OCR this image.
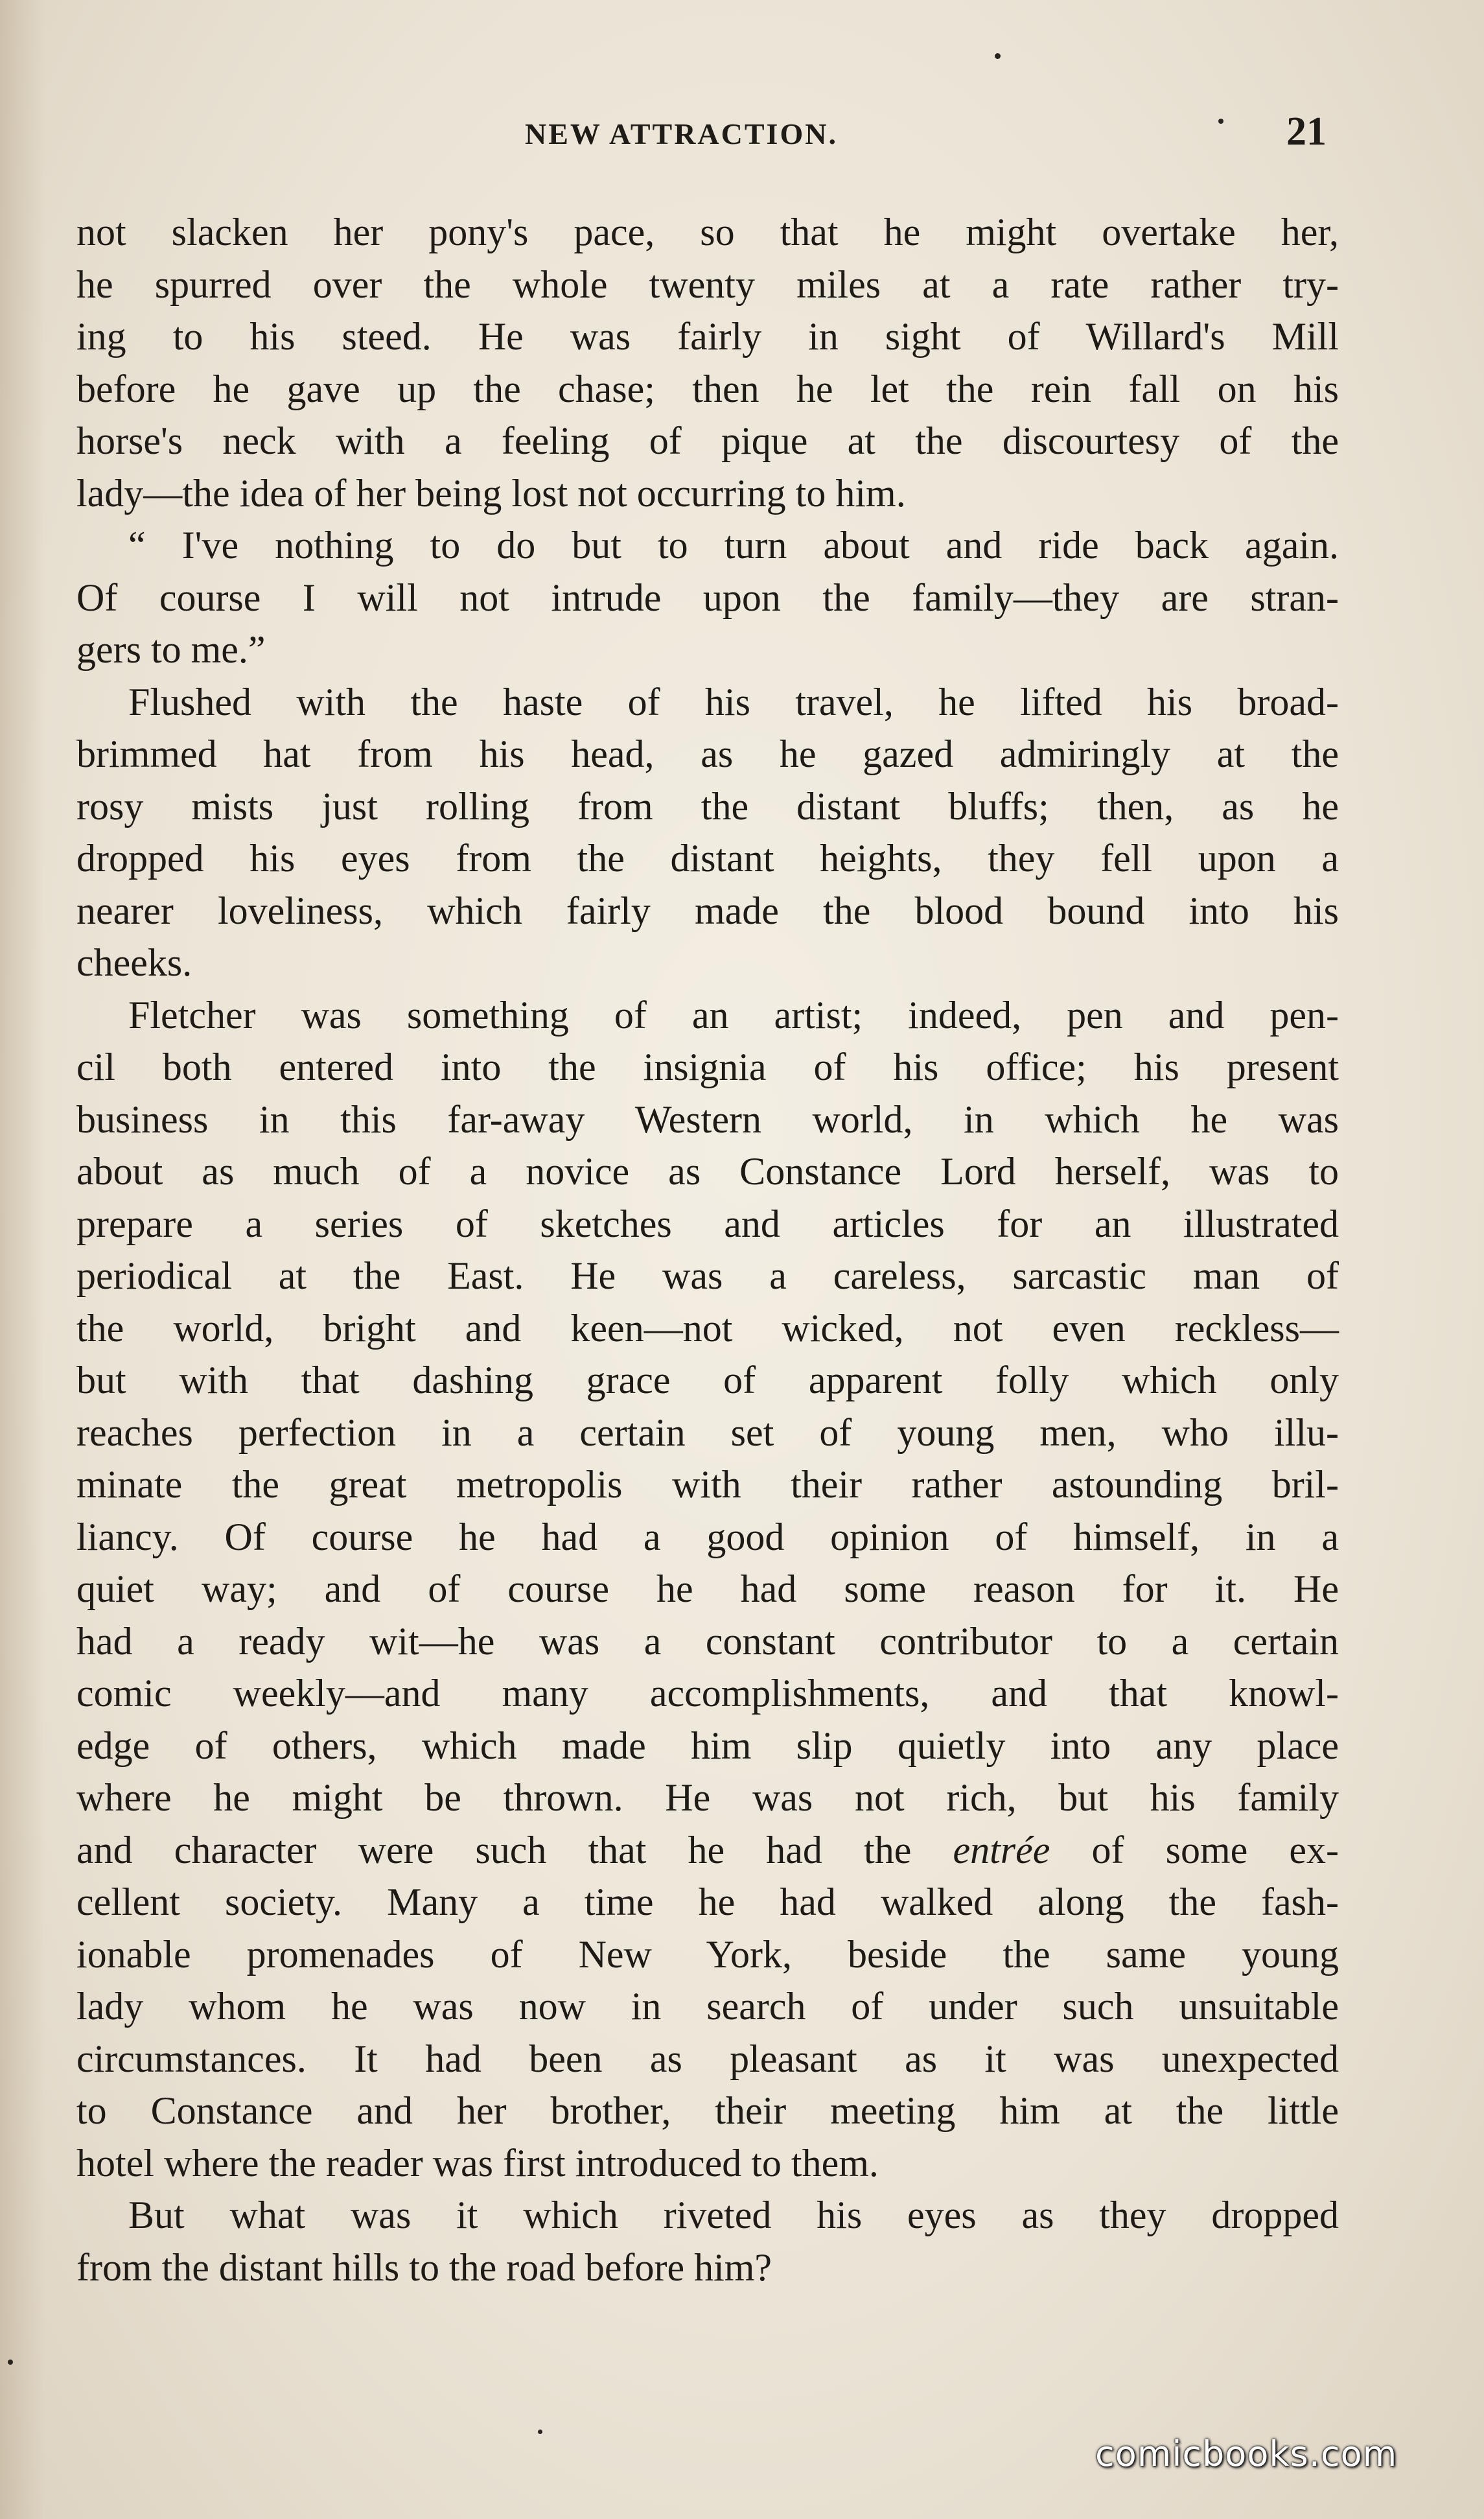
NEW ATTRACTION.	21
not slacken her pony's pace, so that he might overtake her,
he spurred over the whole twenty miles at a rate rather try-
ing to his steed. He was fairly in sight of Willard's Mill
before he gave up the chase; then he let the rein fall on his
horse's neck with a feeling of pique at the discourtesy of the
lady—the idea of her being lost not occurring to him.
“ I've nothing to do but to turn about and ride back again.
Of course I will not intrude upon the family—they are stran-
gers to me.”
Flushed with the haste of his travel, he lifted his broad-
brimmed hat from his head, as he gazed admiringly at the
rosy mists just rolling from the distant bluffs; then, as he
dropped his eyes from the distant heights, they fell upon a
nearer loveliness, which fairly made the blood bound into his
cheeks.
Fletcher was something of an artist; indeed, pen and pen-
cil both entered into the insignia of his office; his present
business in this far-away Western world, in which he was
about as much of a novice as Constance Lord herself, was to
prepare a series of sketches and articles for an illustrated
periodical at the East. He was a careless, sarcastic man of
the world, bright and keen—not wicked, not even reckless—
but with that dashing grace of apparent folly which only
reaches perfection in a certain set of young men, who illu-
minate the great metropolis with their rather astounding bril-
liancy. Of course he had a good opinion of himself, in a
quiet way; and of course he had some reason for it. He
had a ready wit—he was a constant contributor to a certain
comic weekly—and many accomplishments, and that knowl-
edge of others, which made him slip quietly into any place
where he might be thrown. He was not rich, but his family
and character were such that he had the entrée of some ex-
cellent society. Many a time he had walked along the fash-
ionable promenades of New York, beside the same young
lady whom he was now in search of under such unsuitable
circumstances. It had been as pleasant as it was unexpected
to Constance and her brother, their meeting him at the little
hotel where the reader was first introduced to them.
But what was it which riveted his eyes as they dropped
from the distant hills to the road before him?
comicbooks.com
